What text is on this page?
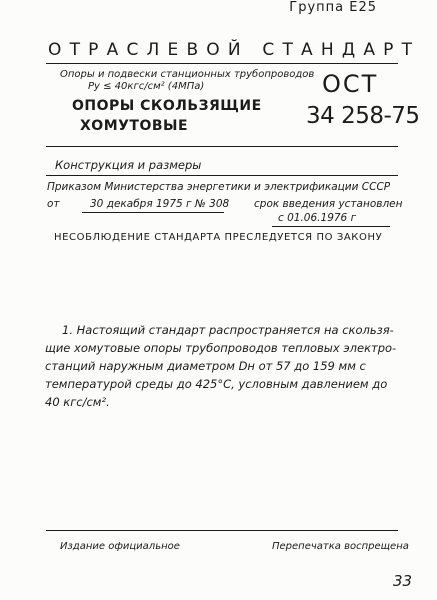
Группа Е25
ОТРАСЛЕВОЙ СТАНДАРТ
Опоры и подвески станционных трубопроводов
Pу ≤ 40кгс/см² (4МПа)
ОПОРЫ СКОЛЬЗЯЩИЕ
ХОМУТОВЫЕ
ОСТ
34 258-75
Конструкция и размеры
Приказом Министерства энергетики и электрификации СССР
от	30 декабря 1975 г № 308 срок введения установлен
с 01.06.1976 г
НЕСОБЛЮДЕНИЕ СТАНДАРТА ПРЕСЛЕДУЕТСЯ ПО ЗАКОНУ
1. Настоящий стандарт распространяется на скользя-
щие хомутовые опоры трубопроводов тепловых электро-
станций наружным диаметром Dн от 57 до 159 мм с
температурой среды до 425°С, условным давлением до
40 кгс/см².
Издание официальное	Перепечатка воспрещена
33
